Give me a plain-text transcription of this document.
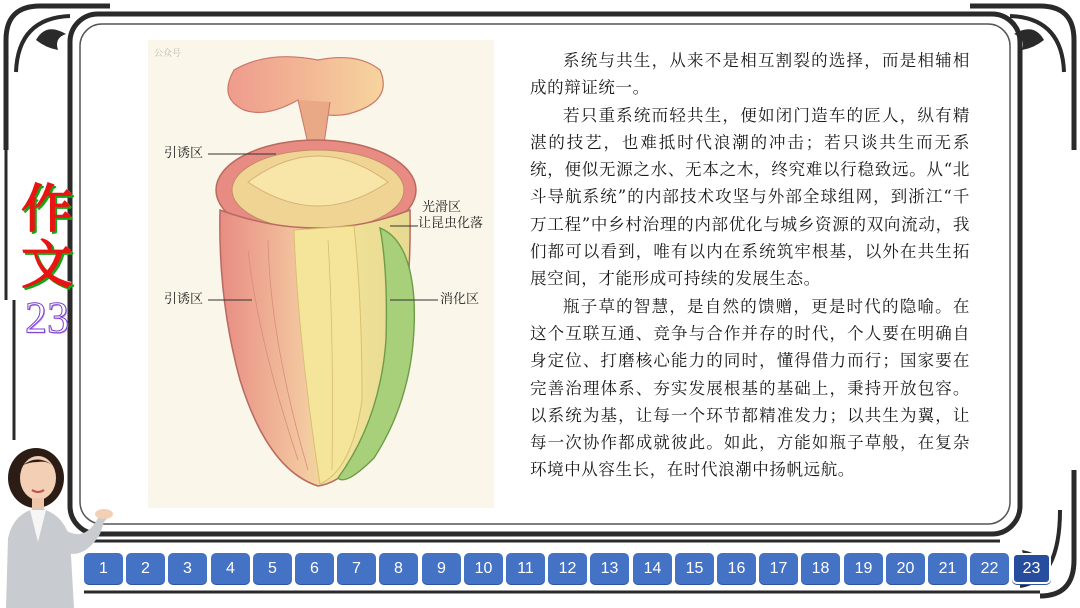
作
文
23
公众号
引诱区
引诱区
光滑区
让昆虫化落
消化区

系统与共生，从来不是相互割裂的选择，而是相辅相成的辩证统一。

若只重系统而轻共生，便如闭门造车的匠人，纵有精湛的技艺，也难抵时代浪潮的冲击；若只谈共生而无系统，便似无源之水、无本之木，终究难以行稳致远。从“北斗导航系统”的内部技术攻坚与外部全球组网，到浙江“千万工程”中乡村治理的内部优化与城乡资源的双向流动，我们都可以看到，唯有以内在系统筑牢根基，以外在共生拓展空间，才能形成可持续的发展生态。

瓶子草的智慧，是自然的馈赠，更是时代的隐喻。在这个互联互通、竞争与合作并存的时代，个人要在明确自身定位、打磨核心能力的同时，懂得借力而行；国家要在完善治理体系、夯实发展根基的基础上，秉持开放包容。以系统为基，让每一个环节都精准发力；以共生为翼，让每一次协作都成就彼此。如此，方能如瓶子草般，在复杂环境中从容生长，在时代浪潮中扬帆远航。

1	2	3	4	5	6	7	8	9	10	11	12	13	14	15	16	17	18	19	20	21	22	23
